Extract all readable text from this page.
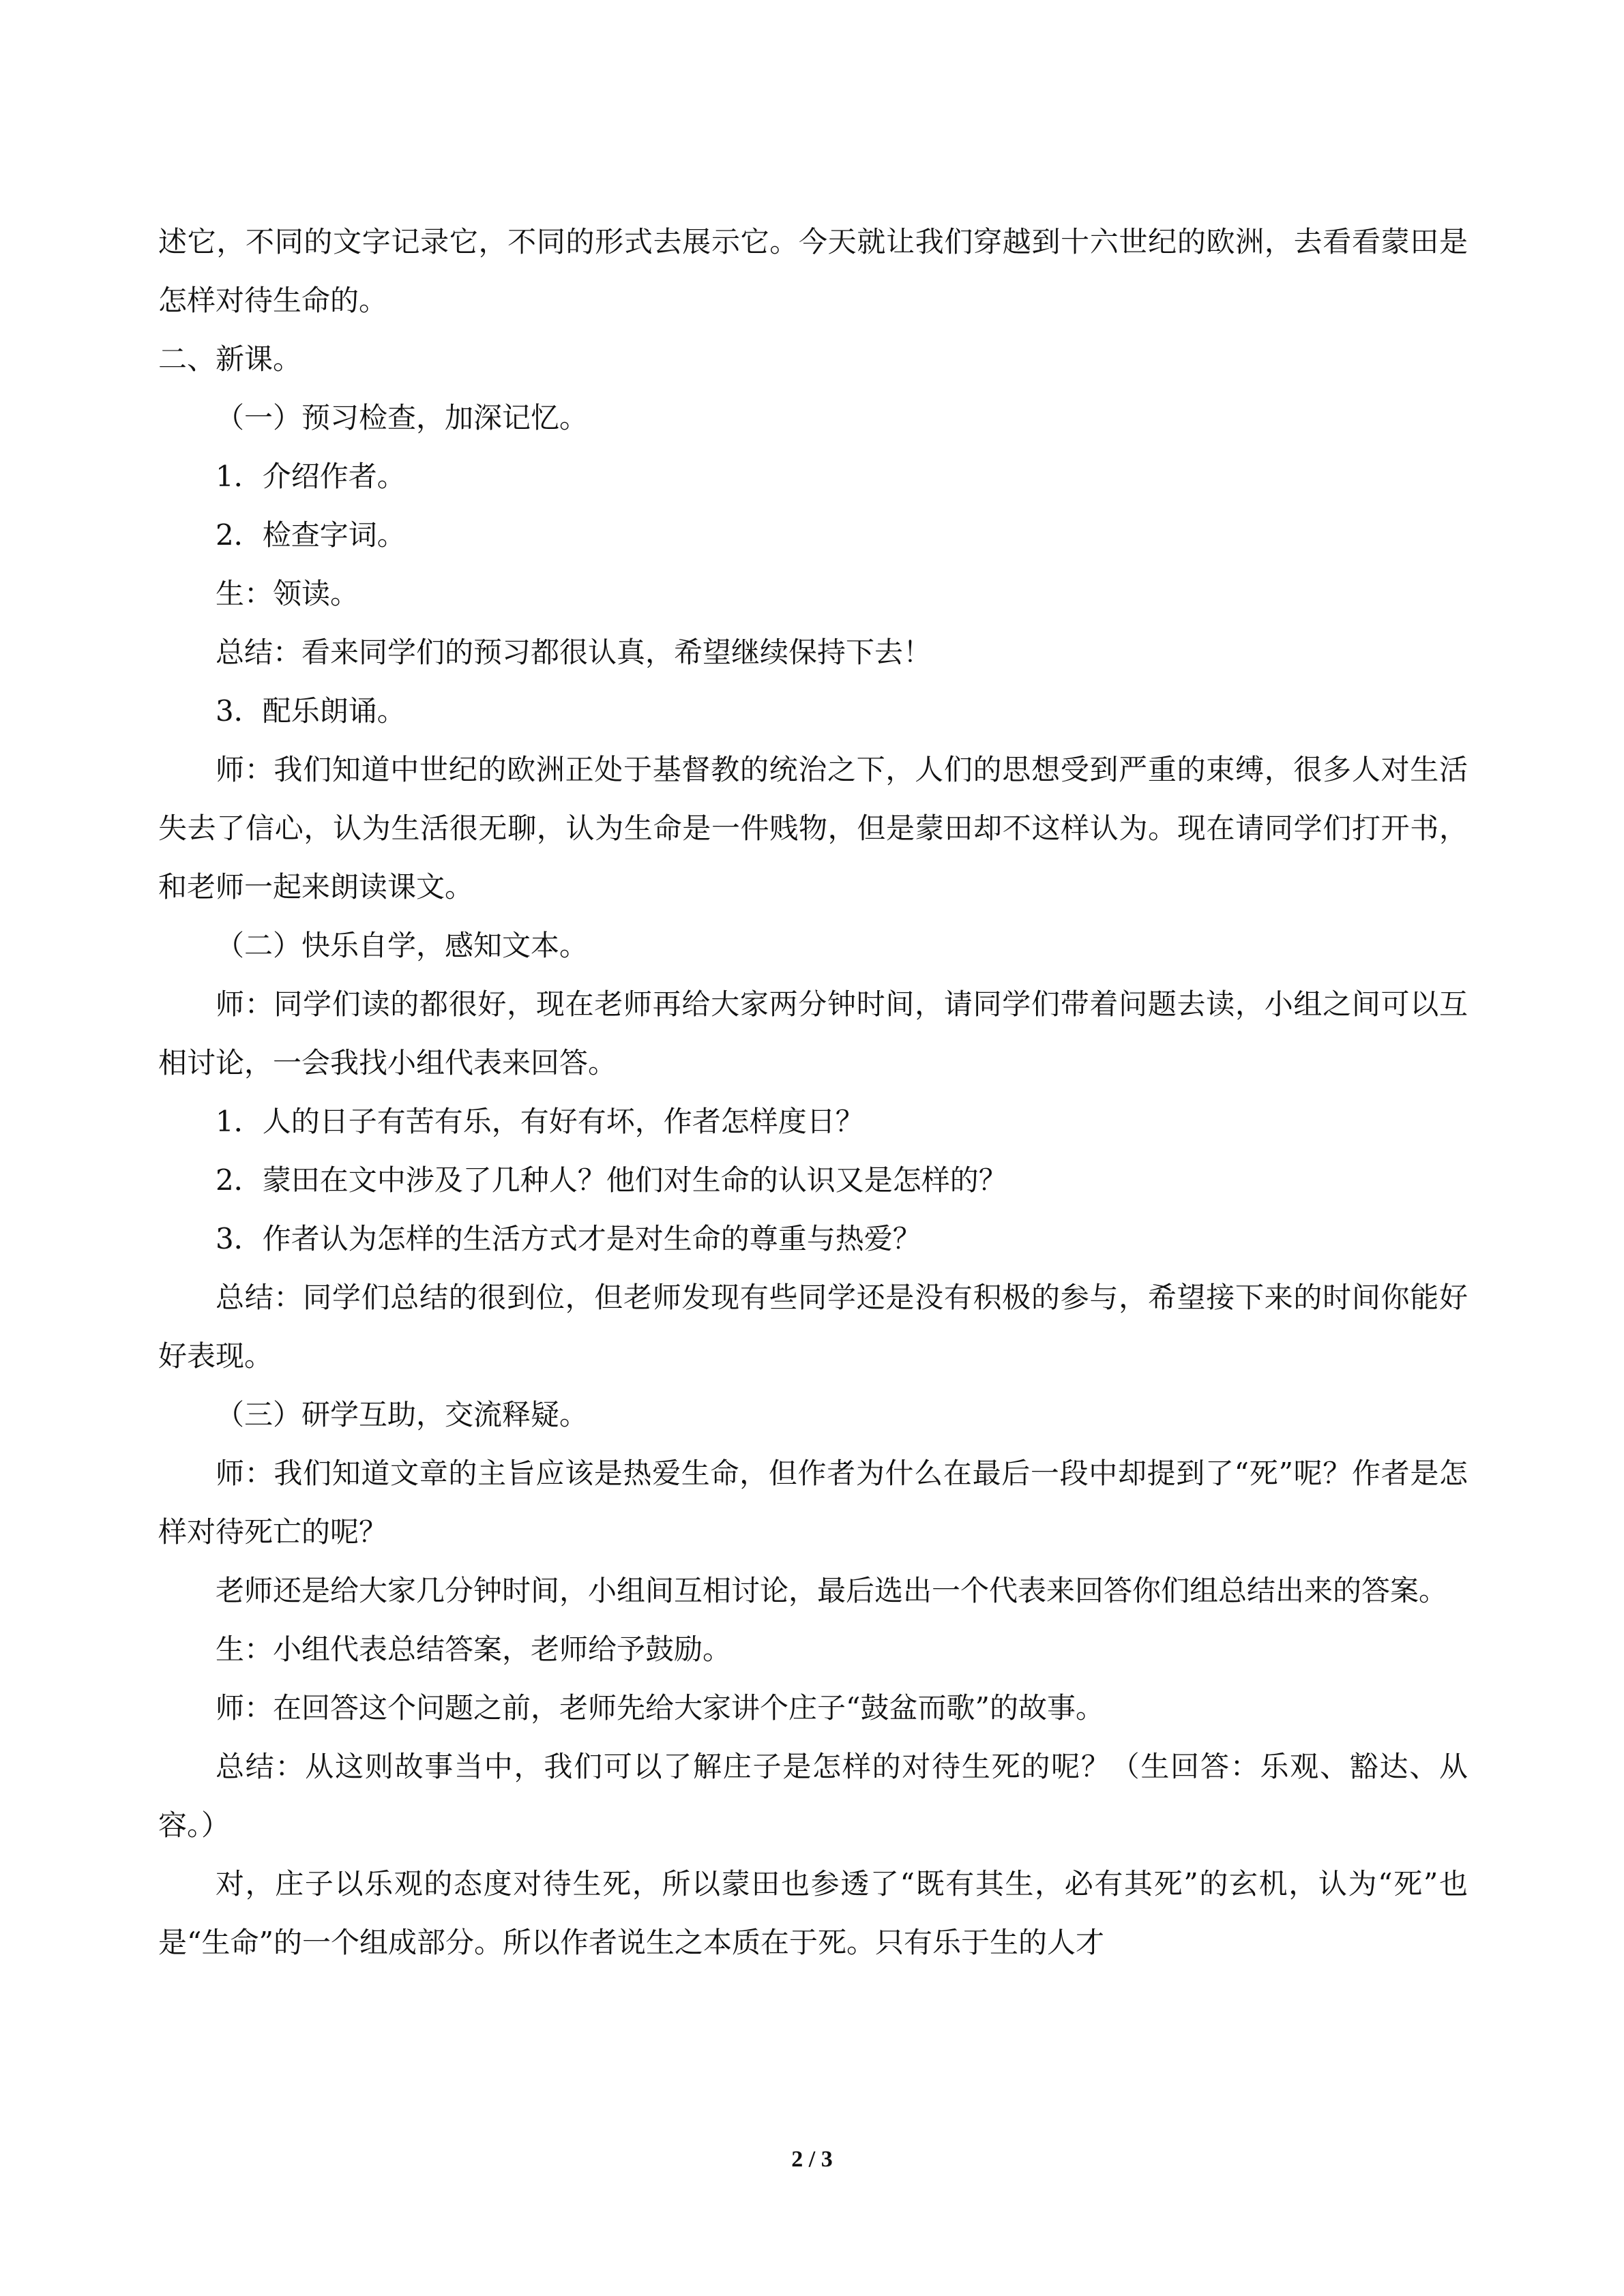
述它，不同的文字记录它，不同的形式去展示它。今天就让我们穿越到十六世纪的欧洲，去看看蒙田是怎样对待生命的。

二、新课。

（一）预习检查，加深记忆。

1．介绍作者。

2．检查字词。

生：领读。

总结：看来同学们的预习都很认真，希望继续保持下去！

3．配乐朗诵。

师：我们知道中世纪的欧洲正处于基督教的统治之下，人们的思想受到严重的束缚，很多人对生活失去了信心，认为生活很无聊，认为生命是一件贱物，但是蒙田却不这样认为。现在请同学们打开书，和老师一起来朗读课文。

（二）快乐自学，感知文本。

师：同学们读的都很好，现在老师再给大家两分钟时间，请同学们带着问题去读，小组之间可以互相讨论，一会我找小组代表来回答。

1．人的日子有苦有乐，有好有坏，作者怎样度日？

2．蒙田在文中涉及了几种人？他们对生命的认识又是怎样的？

3．作者认为怎样的生活方式才是对生命的尊重与热爱？

总结：同学们总结的很到位，但老师发现有些同学还是没有积极的参与，希望接下来的时间你能好好表现。

（三）研学互助，交流释疑。

师：我们知道文章的主旨应该是热爱生命，但作者为什么在最后一段中却提到了“死”呢？作者是怎样对待死亡的呢？

老师还是给大家几分钟时间，小组间互相讨论，最后选出一个代表来回答你们组总结出来的答案。

生：小组代表总结答案，老师给予鼓励。

师：在回答这个问题之前，老师先给大家讲个庄子“鼓盆而歌”的故事。

总结：从这则故事当中，我们可以了解庄子是怎样的对待生死的呢？（生回答：乐观、豁达、从容。）

对，庄子以乐观的态度对待生死，所以蒙田也参透了“既有其生，必有其死”的玄机，认为“死”也是“生命”的一个组成部分。所以作者说生之本质在于死。只有乐于生的人才

2 / 3
